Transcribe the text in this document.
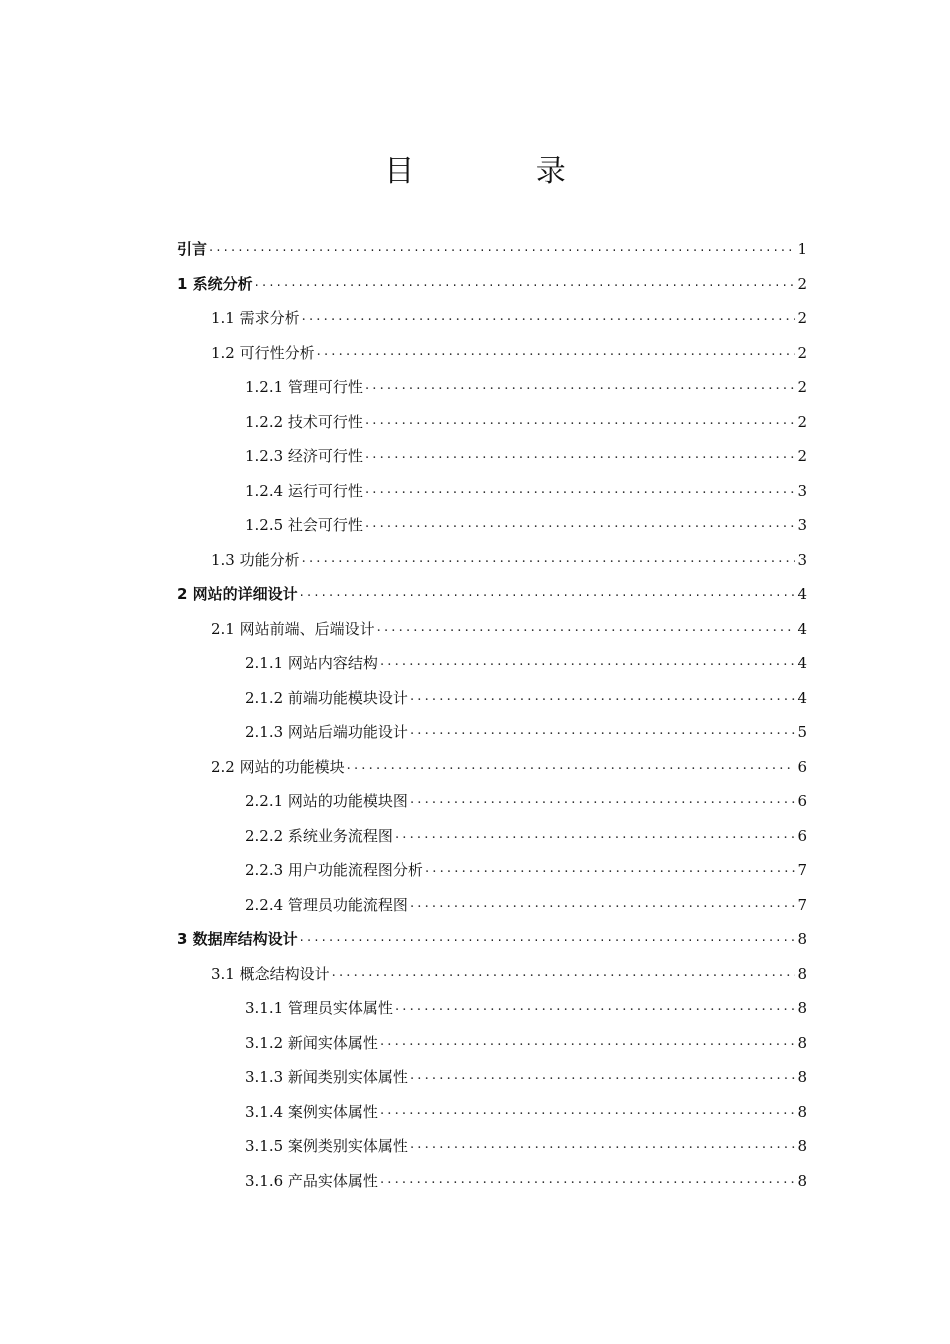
目 录
引言 .....	1
1 系统分析 .....	2
1.1 需求分析 .....	2
1.2 可行性分析 .....	2
1.2.1 管理可行性 .....	2
1.2.2 技术可行性 .....	2
1.2.3 经济可行性 .....	2
1.2.4 运行可行性 .....	3
1.2.5 社会可行性 .....	3
1.3 功能分析 .....	3
2 网站的详细设计 .....	4
2.1 网站前端、后端设计 .....	4
2.1.1 网站内容结构 .....	4
2.1.2 前端功能模块设计 .....	4
2.1.3 网站后端功能设计 .....	5
2.2 网站的功能模块 .....	6
2.2.1 网站的功能模块图 .....	6
2.2.2 系统业务流程图 .....	6
2.2.3 用户功能流程图分析 .....	7
2.2.4 管理员功能流程图 .....	7
3 数据库结构设计 .....	8
3.1 概念结构设计 .....	8
3.1.1 管理员实体属性 .....	8
3.1.2 新闻实体属性 .....	8
3.1.3 新闻类别实体属性 .....	8
3.1.4 案例实体属性 .....	8
3.1.5 案例类别实体属性 .....	8
3.1.6 产品实体属性 .....	8
